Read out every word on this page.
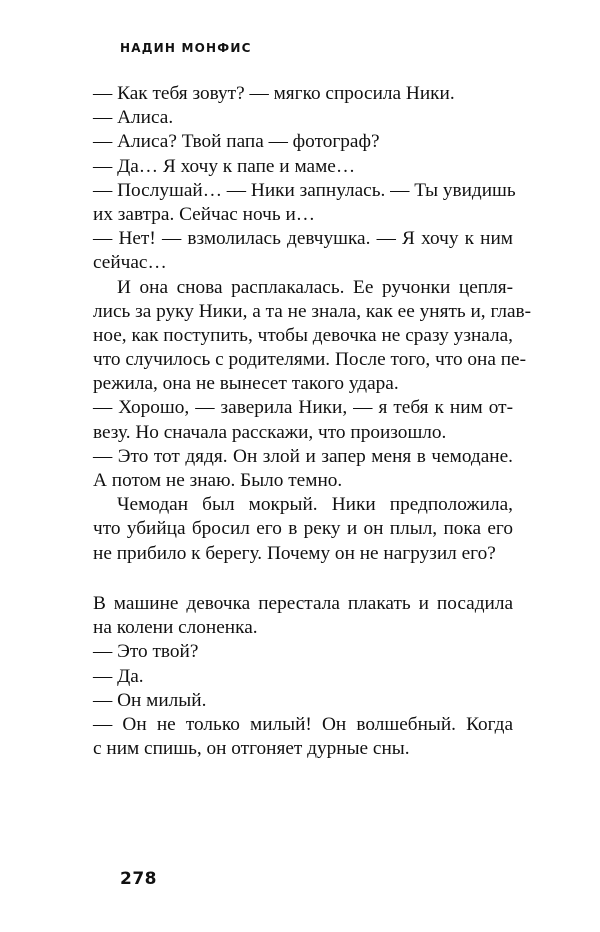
НАДИН МОНФИС
— Как тебя зовут? — мягко спросила Ники.
— Алиса.
— Алиса? Твой папа — фотограф?
— Да… Я хочу к папе и маме…
— Послушай… — Ники запнулась. — Ты увидишь
их завтра. Сейчас ночь и…
— Нет! — взмолилась девчушка. — Я хочу к ним
сейчас…
И она снова расплакалась. Ее ручонки цепля-
лись за руку Ники, а та не знала, как ее унять и, глав-
ное, как поступить, чтобы девочка не сразу узнала,
что случилось с родителями. После того, что она пе-
режила, она не вынесет такого удара.
— Хорошо, — заверила Ники, — я тебя к ним от-
везу. Но сначала расскажи, что произошло.
— Это тот дядя. Он злой и запер меня в чемодане.
А потом не знаю. Было темно.
Чемодан был мокрый. Ники предположила,
что убийца бросил его в реку и он плыл, пока его
не прибило к берегу. Почему он не нагрузил его?
В машине девочка перестала плакать и посадила
на колени слоненка.
— Это твой?
— Да.
— Он милый.
— Он не только милый! Он волшебный. Когда
с ним спишь, он отгоняет дурные сны.
278
